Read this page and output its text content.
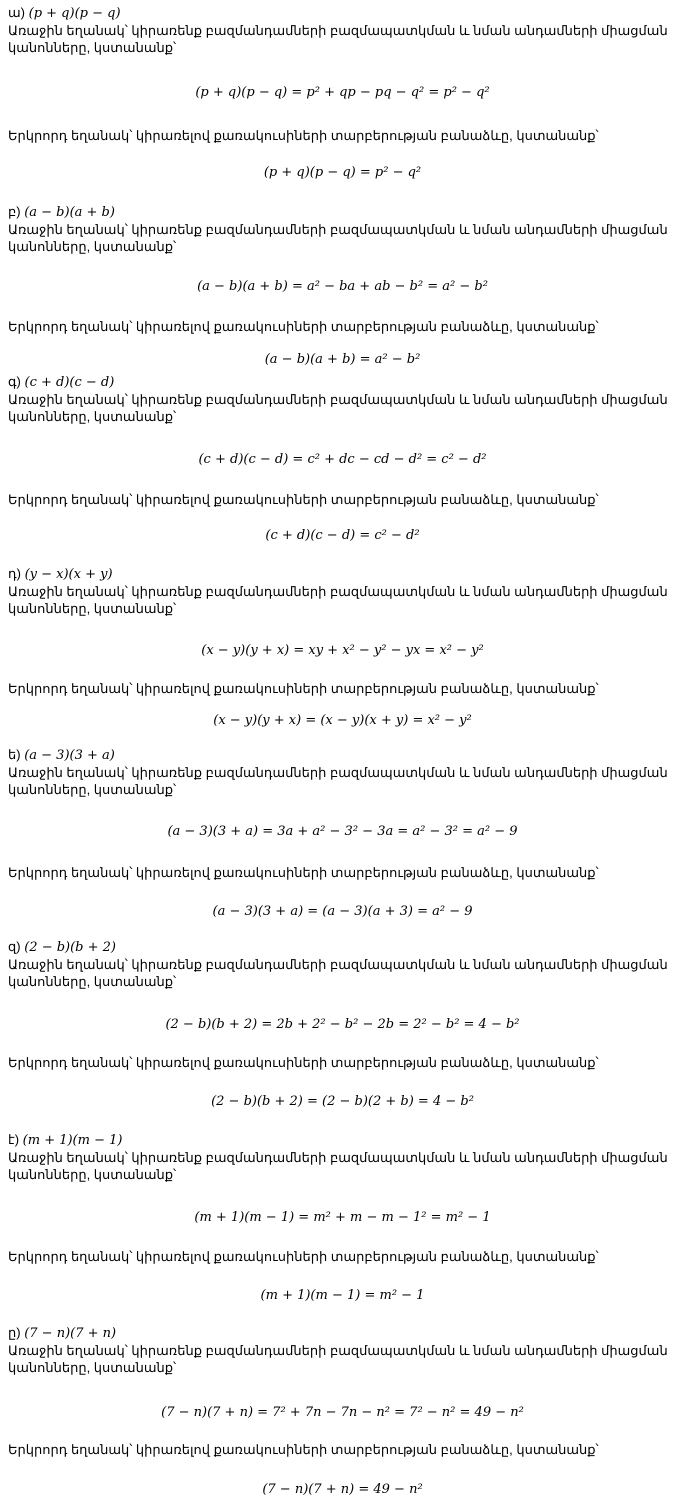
ա) (p + q)(p − q)
Առաջին եղանակ՝ կիրառենք բազմանդամների բազմապատկման և նման անդամների միացման
կանոնները, կստանանք՝
(p + q)(p − q) = p² + qp − pq − q² = p² − q²
Երկրորդ եղանակ՝ կիրառելով քառակուսիների տարբերության բանաձևը, կստանանք՝
(p + q)(p − q) = p² − q²
բ) (a − b)(a + b)
Առաջին եղանակ՝ կիրառենք բազմանդամների բազմապատկման և նման անդամների միացման
կանոնները, կստանանք՝
(a − b)(a + b) = a² − ba + ab − b² = a² − b²
Երկրորդ եղանակ՝ կիրառելով քառակուսիների տարբերության բանաձևը, կստանանք՝
(a − b)(a + b) = a² − b²
գ) (c + d)(c − d)
Առաջին եղանակ՝ կիրառենք բազմանդամների բազմապատկման և նման անդամների միացման
կանոնները, կստանանք՝
(c + d)(c − d) = c² + dc − cd − d² = c² − d²
Երկրորդ եղանակ՝ կիրառելով քառակուսիների տարբերության բանաձևը, կստանանք՝
(c + d)(c − d) = c² − d²
դ) (y − x)(x + y)
Առաջին եղանակ՝ կիրառենք բազմանդամների բազմապատկման և նման անդամների միացման
կանոնները, կստանանք՝
(x − y)(y + x) = xy + x² − y² − yx = x² − y²
Երկրորդ եղանակ՝ կիրառելով քառակուսիների տարբերության բանաձևը, կստանանք՝
(x − y)(y + x) = (x − y)(x + y) = x² − y²
ե) (a − 3)(3 + a)
Առաջին եղանակ՝ կիրառենք բազմանդամների բազմապատկման և նման անդամների միացման
կանոնները, կստանանք՝
(a − 3)(3 + a) = 3a + a² − 3² − 3a = a² − 3² = a² − 9
Երկրորդ եղանակ՝ կիրառելով քառակուսիների տարբերության բանաձևը, կստանանք՝
(a − 3)(3 + a) = (a − 3)(a + 3) = a² − 9
զ) (2 − b)(b + 2)
Առաջին եղանակ՝ կիրառենք բազմանդամների բազմապատկման և նման անդամների միացման
կանոնները, կստանանք՝
(2 − b)(b + 2) = 2b + 2² − b² − 2b = 2² − b² = 4 − b²
Երկրորդ եղանակ՝ կիրառելով քառակուսիների տարբերության բանաձևը, կստանանք՝
(2 − b)(b + 2) = (2 − b)(2 + b) = 4 − b²
է) (m + 1)(m − 1)
Առաջին եղանակ՝ կիրառենք բազմանդամների բազմապատկման և նման անդամների միացման
կանոնները, կստանանք՝
(m + 1)(m − 1) = m² + m − m − 1² = m² − 1
Երկրորդ եղանակ՝ կիրառելով քառակուսիների տարբերության բանաձևը, կստանանք՝
(m + 1)(m − 1) = m² − 1
ը) (7 − n)(7 + n)
Առաջին եղանակ՝ կիրառենք բազմանդամների բազմապատկման և նման անդամների միացման
կանոնները, կստանանք՝
(7 − n)(7 + n) = 7² + 7n − 7n − n² = 7² − n² = 49 − n²
Երկրորդ եղանակ՝ կիրառելով քառակուսիների տարբերության բանաձևը, կստանանք՝
(7 − n)(7 + n) = 49 − n²
